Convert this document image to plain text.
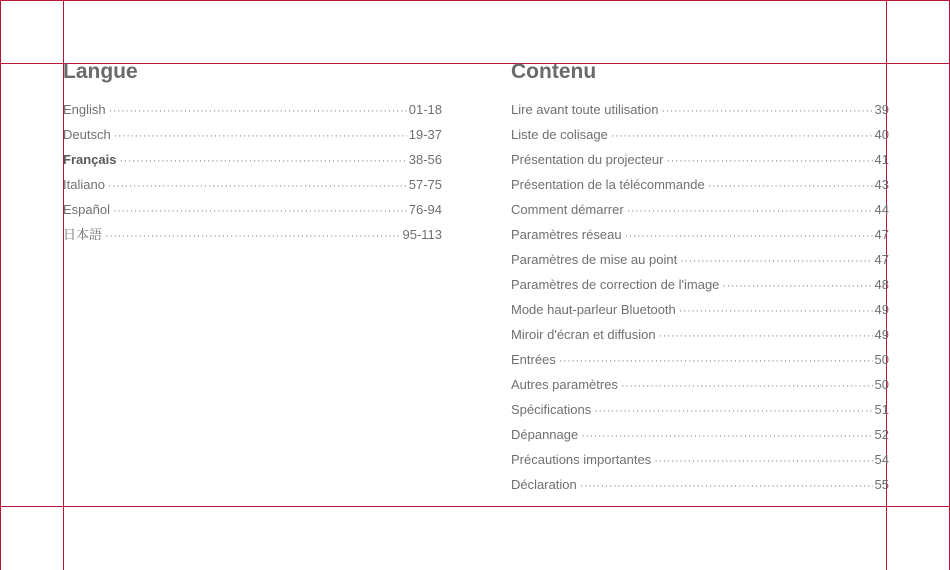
Langue
English ·····	01-18
Deutsch ·····	19-37
Français ·····	38-56
Italiano ·····	57-75
Español ·····	76-94
日本語 ·····	95-113
Contenu
Lire avant toute utilisation ·····	39
Liste de colisage ·····	40
Présentation du projecteur ·····	41
Présentation de la télécommande ·····	43
Comment démarrer ·····	44
Paramètres réseau ·····	47
Paramètres de mise au point ·····	47
Paramètres de correction de l'image ·····	48
Mode haut-parleur Bluetooth ·····	49
Miroir d'écran et diffusion ·····	49
Entrées ·····	50
Autres paramètres ·····	50
Spécifications ·····	51
Dépannage ·····	52
Précautions importantes ·····	54
Déclaration ·····	55
